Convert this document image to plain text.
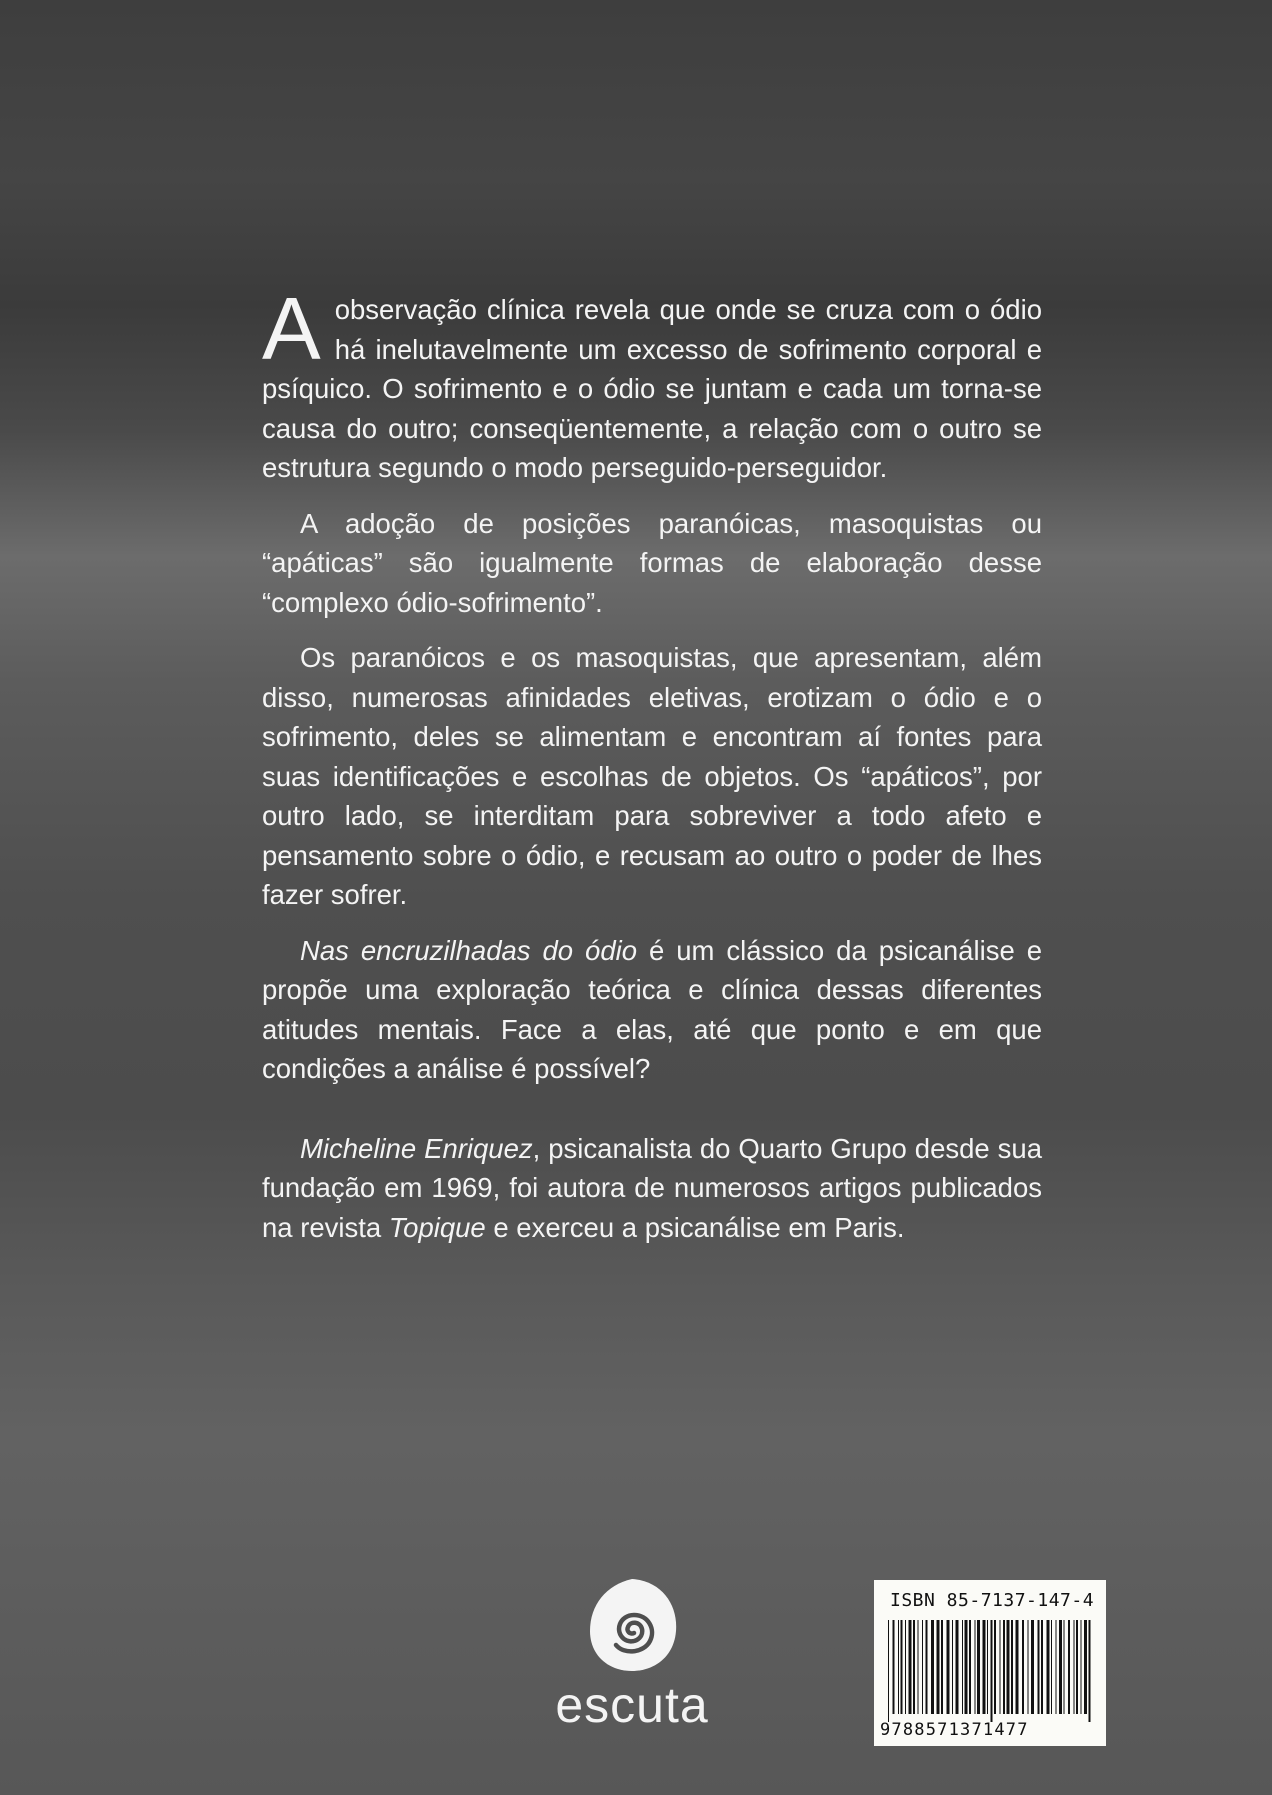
Aobservação clínica revela que onde se cruza com o ódio há inelutavelmente um excesso de sofrimento corporal e psíquico. O sofrimento e o ódio se juntam e cada um torna-se causa do outro; conseqüentemente, a relação com o outro se estrutura segundo o modo perseguido-perseguidor.

A adoção de posições paranóicas, masoquistas ou “apáticas” são igualmente formas de elaboração desse “complexo ódio-sofrimento”.

Os paranóicos e os masoquistas, que apresentam, além disso, numerosas afinidades eletivas, erotizam o ódio e o sofrimento, deles se alimentam e encontram aí fontes para suas identificações e escolhas de objetos. Os “apáticos”, por outro lado, se interditam para sobreviver a todo afeto e pensamento sobre o ódio, e recusam ao outro o poder de lhes fazer sofrer.

Nas encruzilhadas do ódio é um clássico da psicanálise e propõe uma exploração teórica e clínica dessas diferentes atitudes mentais. Face a elas, até que ponto e em que condições a análise é possível?

Micheline Enriquez, psicanalista do Quarto Grupo desde sua fundação em 1969, foi autora de numerosos artigos publicados na revista Topique e exerceu a psicanálise em Paris.

escuta
ISBN 85-7137-147-4
9788571371477
